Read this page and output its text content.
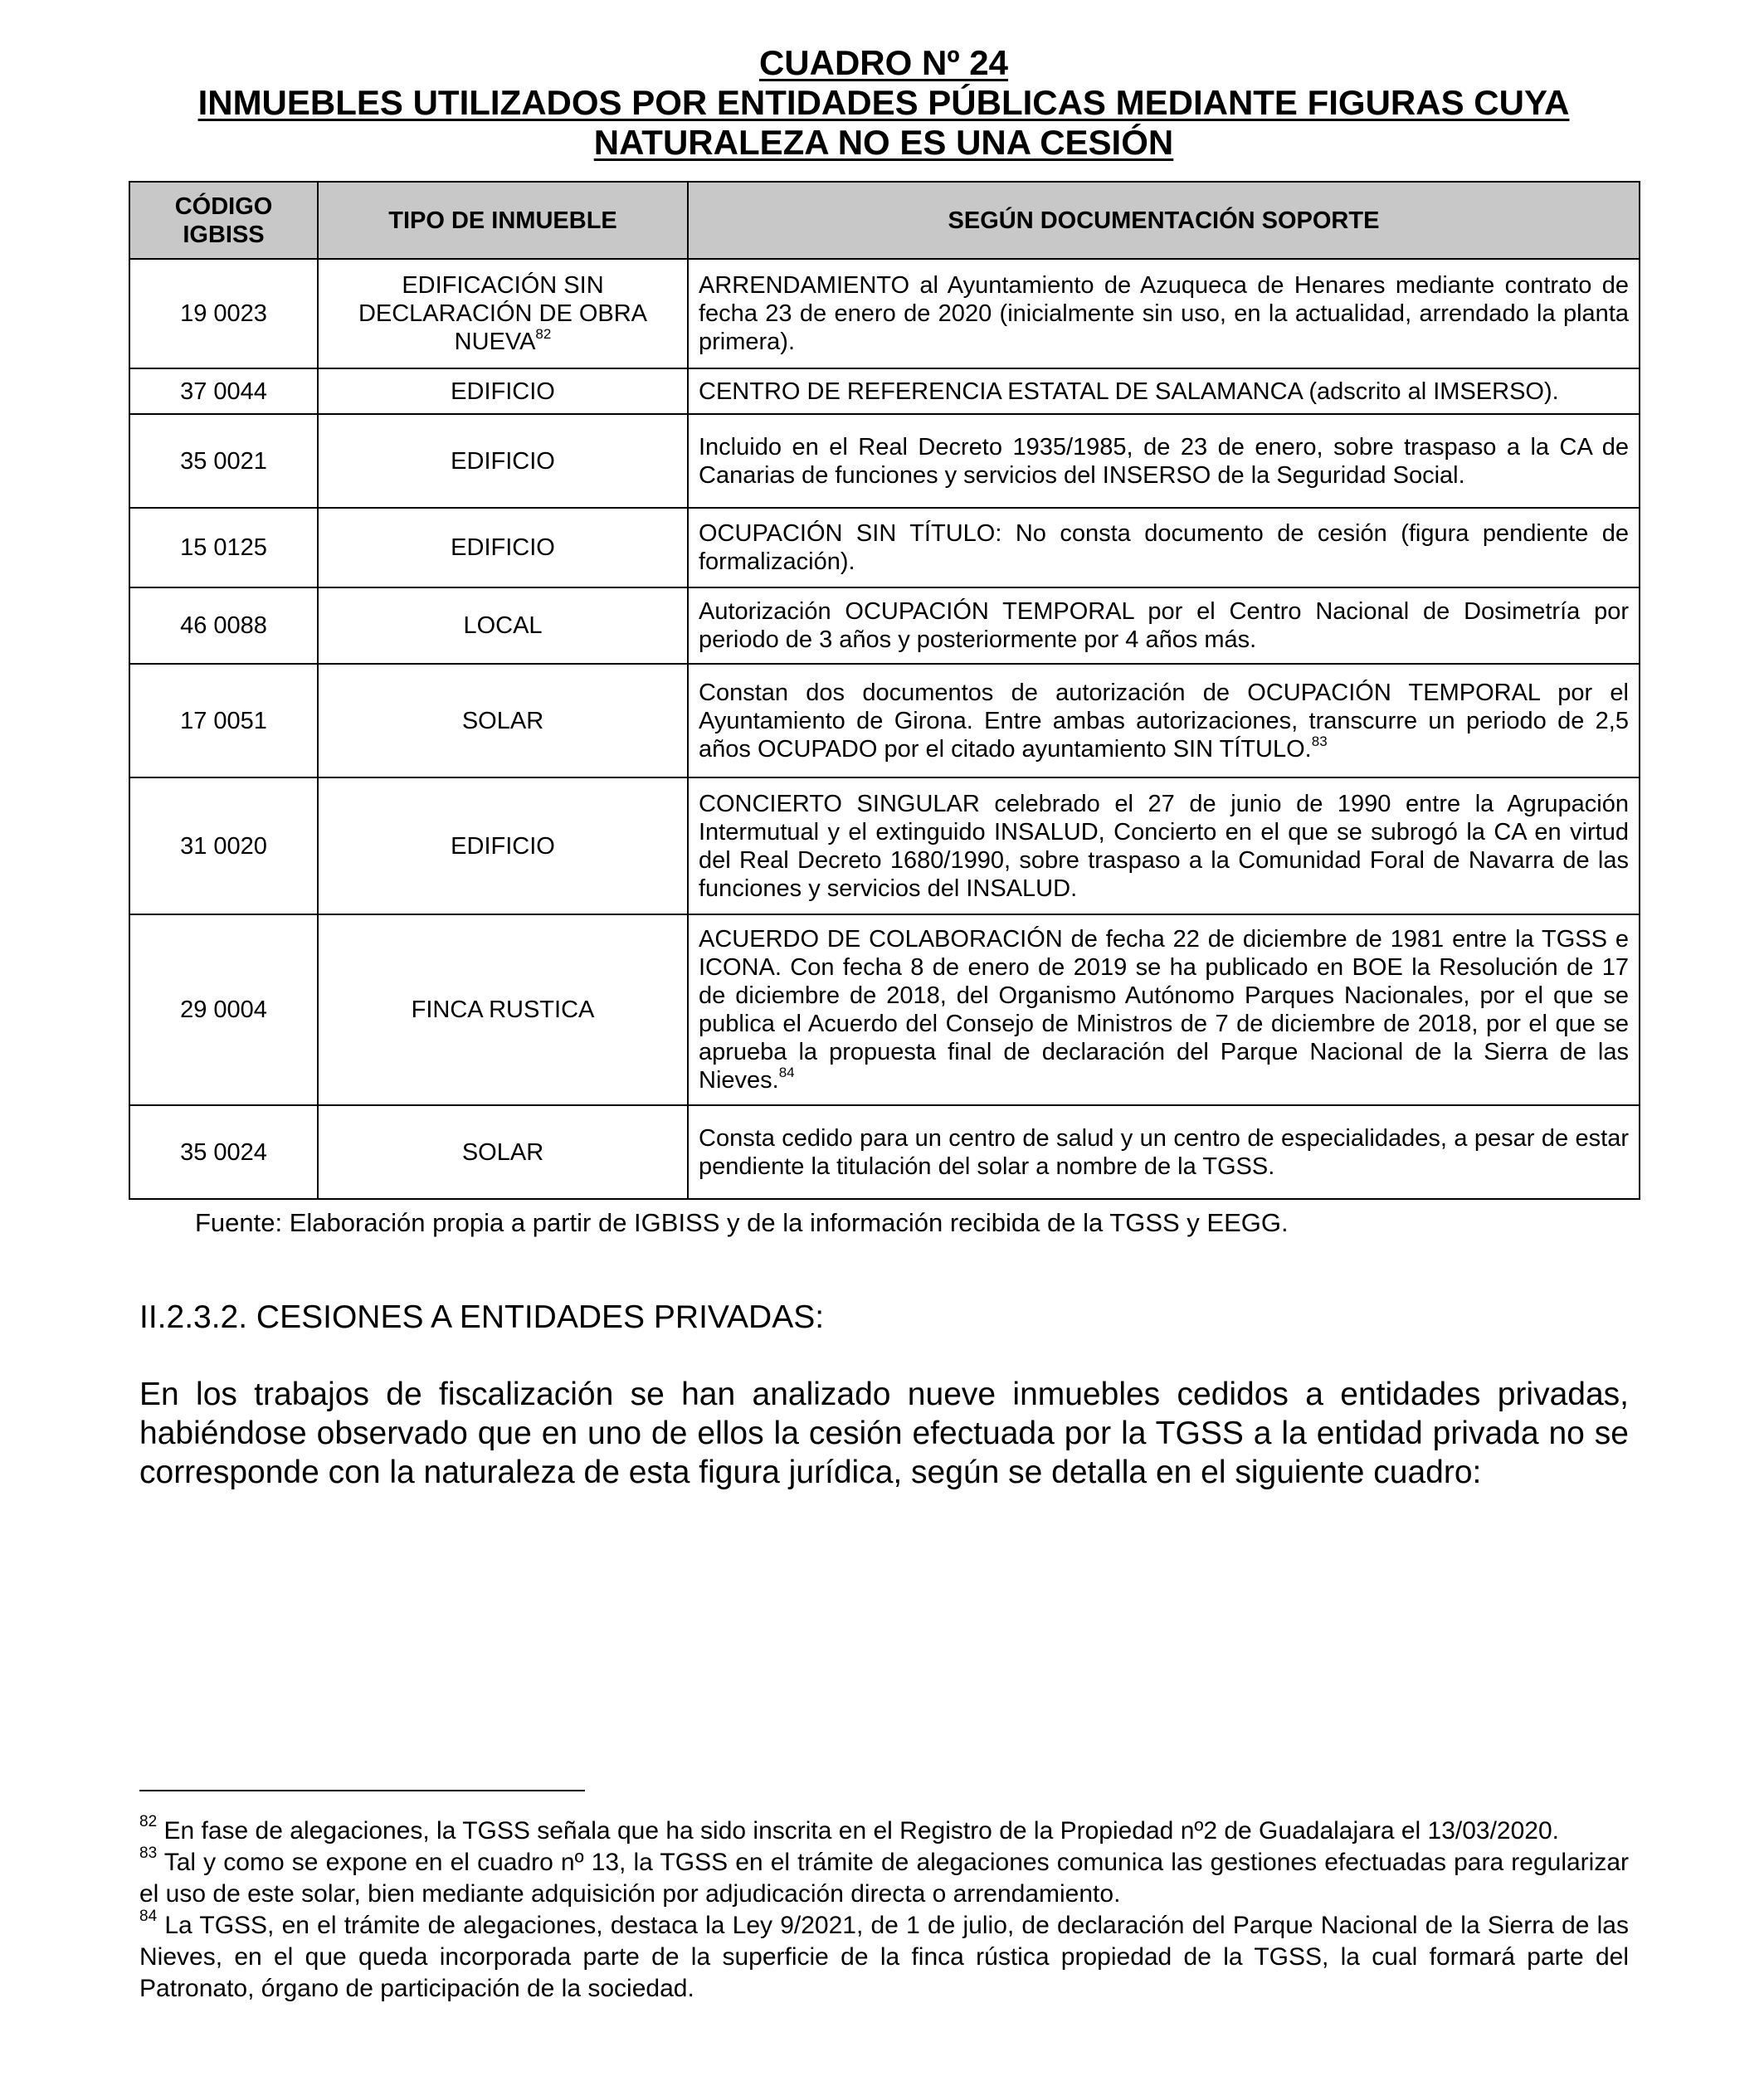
CUADRO Nº 24
INMUEBLES UTILIZADOS POR ENTIDADES PÚBLICAS MEDIANTE FIGURAS CUYA
NATURALEZA NO ES UNA CESIÓN
CÓDIGO
IGBISS	TIPO DE INMUEBLE	SEGÚN DOCUMENTACIÓN SOPORTE
19 0023	EDIFICACIÓN SIN
DECLARACIÓN DE OBRA
NUEVA$^{82}$	ARRENDAMIENTO al Ayuntamiento de Azuqueca de Henares mediante contrato de fecha 23 de enero de 2020 (inicialmente sin uso, en la actualidad, arrendado la planta primera).
37 0044	EDIFICIO	CENTRO DE REFERENCIA ESTATAL DE SALAMANCA (adscrito al IMSERSO).
35 0021	EDIFICIO	Incluido en el Real Decreto 1935/1985, de 23 de enero, sobre traspaso a la CA de Canarias de funciones y servicios del INSERSO de la Seguridad Social.
15 0125	EDIFICIO	OCUPACIÓN SIN TÍTULO: No consta documento de cesión (figura pendiente de formalización).
46 0088	LOCAL	Autorización OCUPACIÓN TEMPORAL por el Centro Nacional de Dosimetría por periodo de 3 años y posteriormente por 4 años más.
17 0051	SOLAR	Constan dos documentos de autorización de OCUPACIÓN TEMPORAL por el Ayuntamiento de Girona. Entre ambas autorizaciones, transcurre un periodo de 2,5 años OCUPADO por el citado ayuntamiento SIN TÍTULO.$^{83}$
31 0020	EDIFICIO	CONCIERTO SINGULAR celebrado el 27 de junio de 1990 entre la Agrupación Intermutual y el extinguido INSALUD, Concierto en el que se subrogó la CA en virtud del Real Decreto 1680/1990, sobre traspaso a la Comunidad Foral de Navarra de las funciones y servicios del INSALUD.
29 0004	FINCA RUSTICA	ACUERDO DE COLABORACIÓN de fecha 22 de diciembre de 1981 entre la TGSS e ICONA. Con fecha 8 de enero de 2019 se ha publicado en BOE la Resolución de 17 de diciembre de 2018, del Organismo Autónomo Parques Nacionales, por el que se publica el Acuerdo del Consejo de Ministros de 7 de diciembre de 2018, por el que se aprueba la propuesta final de declaración del Parque Nacional de la Sierra de las Nieves.$^{84}$
35 0024	SOLAR	Consta cedido para un centro de salud y un centro de especialidades, a pesar de estar pendiente la titulación del solar a nombre de la TGSS.
Fuente: Elaboración propia a partir de IGBISS y de la información recibida de la TGSS y EEGG.
II.2.3.2. CESIONES A ENTIDADES PRIVADAS:
En los trabajos de fiscalización se han analizado nueve inmuebles cedidos a entidades privadas, habiéndose observado que en uno de ellos la cesión efectuada por la TGSS a la entidad privada no se corresponde con la naturaleza de esta figura jurídica, según se detalla en el siguiente cuadro:
$^{82}$ En fase de alegaciones, la TGSS señala que ha sido inscrita en el Registro de la Propiedad nº2 de Guadalajara el 13/03/2020.
$^{83}$ Tal y como se expone en el cuadro nº 13, la TGSS en el trámite de alegaciones comunica las gestiones efectuadas para regularizar el uso de este solar, bien mediante adquisición por adjudicación directa o arrendamiento.
$^{84}$ La TGSS, en el trámite de alegaciones, destaca la Ley 9/2021, de 1 de julio, de declaración del Parque Nacional de la Sierra de las Nieves, en el que queda incorporada parte de la superficie de la finca rústica propiedad de la TGSS, la cual formará parte del Patronato, órgano de participación de la sociedad.
